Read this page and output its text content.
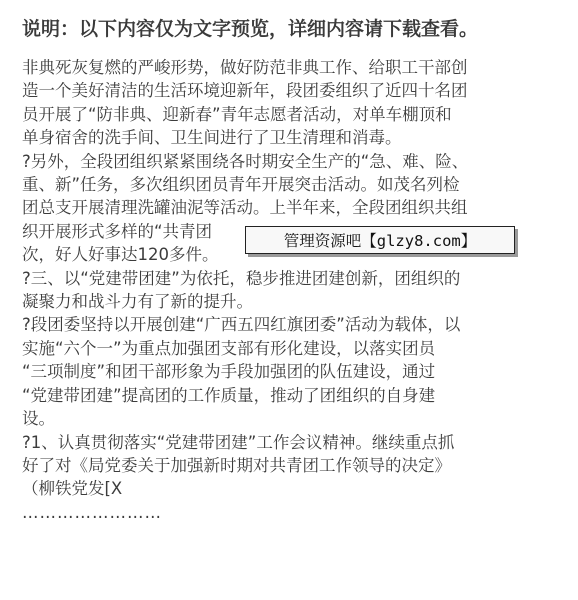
说明：以下内容仅为文字预览，详细内容请下载查看。
非典死灰复燃的严峻形势，做好防范非典工作、给职工干部创
造一个美好清洁的生活环境迎新年，段团委组织了近四十名团
员开展了“防非典、迎新春”青年志愿者活动，对单车棚顶和
单身宿舍的洗手间、卫生间进行了卫生清理和消毒。
?另外，全段团组织紧紧围绕各时期安全生产的“急、难、险、
重、新”任务，多次组织团员青年开展突击活动。如茂名列检
团总支开展清理洗罐油泥等活动。上半年来，全段团组织共组
织开展形式多样的“共青团
次，好人好事达120多件。
?三、以“党建带团建”为依托，稳步推进团建创新，团组织的
凝聚力和战斗力有了新的提升。
?段团委坚持以开展创建“广西五四红旗团委”活动为载体，以
实施“六个一”为重点加强团支部有形化建设，以落实团员
“三项制度”和团干部形象为手段加强团的队伍建设，通过
“党建带团建”提高团的工作质量，推动了团组织的自身建
设。
?1、认真贯彻落实“党建带团建”工作会议精神。继续重点抓
好了对《局党委关于加强新时期对共青团工作领导的决定》
（柳铁党发[X
……………………
管理资源吧【glzy8.com】
